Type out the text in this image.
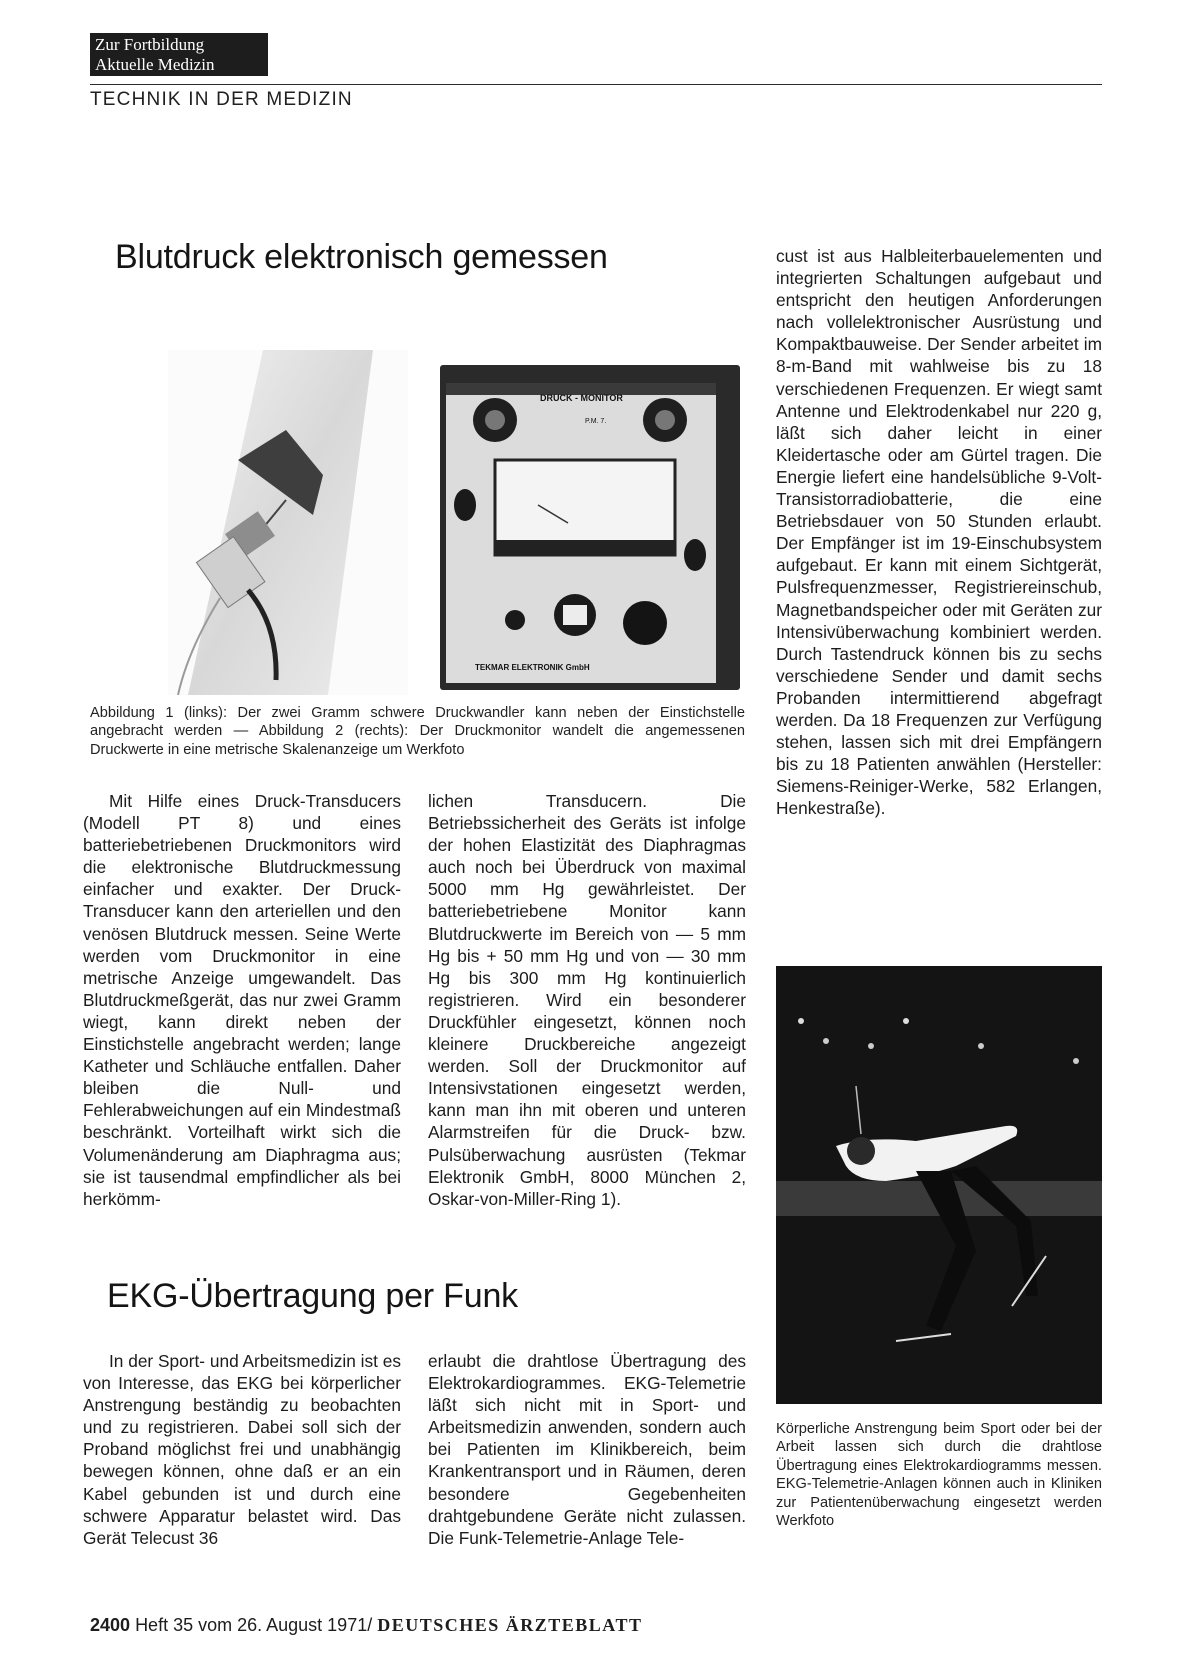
Zur Fortbildung
Aktuelle Medizin
TECHNIK IN DER MEDIZIN
Blutdruck elektronisch gemessen
DRUCK - MONITOR
P.M. 7.
TEKMAR ELEKTRONIK GmbH

Abbildung 1 (links): Der zwei Gramm schwere Druckwandler kann neben der Einstichstelle angebracht werden — Abbildung 2 (rechts): Der Druckmonitor wandelt die angemessenen Druckwerte in eine metrische Skalenanzeige um Werkfoto

Mit Hilfe eines Druck-Transducers (Modell PT 8) und eines batteriebetriebenen Druckmonitors wird die elektronische Blutdruckmessung einfacher und exakter. Der Druck-Transducer kann den arteriellen und den venösen Blutdruck messen. Seine Werte werden vom Druckmonitor in eine metrische Anzeige umgewandelt. Das Blutdruckmeßgerät, das nur zwei Gramm wiegt, kann direkt neben der Einstichstelle angebracht werden; lange Katheter und Schläuche entfallen. Daher bleiben die Null- und Fehlerabweichungen auf ein Mindestmaß beschränkt. Vorteilhaft wirkt sich die Volumenänderung am Diaphragma aus; sie ist tausendmal empfindlicher als bei herkömm-

lichen Transducern. Die Betriebssicherheit des Geräts ist infolge der hohen Elastizität des Diaphragmas auch noch bei Überdruck von maximal 5000 mm Hg gewährleistet. Der batteriebetriebene Monitor kann Blutdruckwerte im Bereich von — 5 mm Hg bis + 50 mm Hg und von — 30 mm Hg bis 300 mm Hg kontinuierlich registrieren. Wird ein besonderer Druckfühler eingesetzt, können noch kleinere Druckbereiche angezeigt werden. Soll der Druckmonitor auf Intensivstationen eingesetzt werden, kann man ihn mit oberen und unteren Alarmstreifen für die Druck- bzw. Pulsüberwachung ausrüsten (Tekmar Elektronik GmbH, 8000 München 2, Oskar-von-Miller-Ring 1).

EKG-Übertragung per Funk

In der Sport- und Arbeitsmedizin ist es von Interesse, das EKG bei körperlicher Anstrengung beständig zu beobachten und zu registrieren. Dabei soll sich der Proband möglichst frei und unabhängig bewegen können, ohne daß er an ein Kabel gebunden ist und durch eine schwere Apparatur belastet wird. Das Gerät Telecust 36

erlaubt die drahtlose Übertragung des Elektrokardiogrammes. EKG-Telemetrie läßt sich nicht mit in Sport- und Arbeitsmedizin anwenden, sondern auch bei Patienten im Klinikbereich, beim Krankentransport und in Räumen, deren besondere Gegebenheiten drahtgebundene Geräte nicht zulassen. Die Funk-Telemetrie-Anlage Tele-

cust ist aus Halbleiterbauelementen und integrierten Schaltungen aufgebaut und entspricht den heutigen Anforderungen nach vollelektronischer Ausrüstung und Kompaktbauweise. Der Sender arbeitet im 8-m-Band mit wahlweise bis zu 18 verschiedenen Frequenzen. Er wiegt samt Antenne und Elektrodenkabel nur 220 g, läßt sich daher leicht in einer Kleidertasche oder am Gürtel tragen. Die Energie liefert eine handelsübliche 9-Volt-Transistorradiobatterie, die eine Betriebsdauer von 50 Stunden erlaubt. Der Empfänger ist im 19-Einschubsystem aufgebaut. Er kann mit einem Sichtgerät, Pulsfrequenzmesser, Registriereinschub, Magnetbandspeicher oder mit Geräten zur Intensivüberwachung kombiniert werden. Durch Tastendruck können bis zu sechs verschiedene Sender und damit sechs Probanden intermittierend abgefragt werden. Da 18 Frequenzen zur Verfügung stehen, lassen sich mit drei Empfängern bis zu 18 Patienten anwählen (Hersteller: Siemens-Reiniger-Werke, 582 Erlangen, Henkestraße).

Körperliche Anstrengung beim Sport oder bei der Arbeit lassen sich durch die drahtlose Übertragung eines Elektrokardiogramms messen. EKG-Telemetrie-Anlagen können auch in Kliniken zur Patientenüberwachung eingesetzt werden Werkfoto

2400 Heft 35 vom 26. August 1971/ DEUTSCHES ÄRZTEBLATT
